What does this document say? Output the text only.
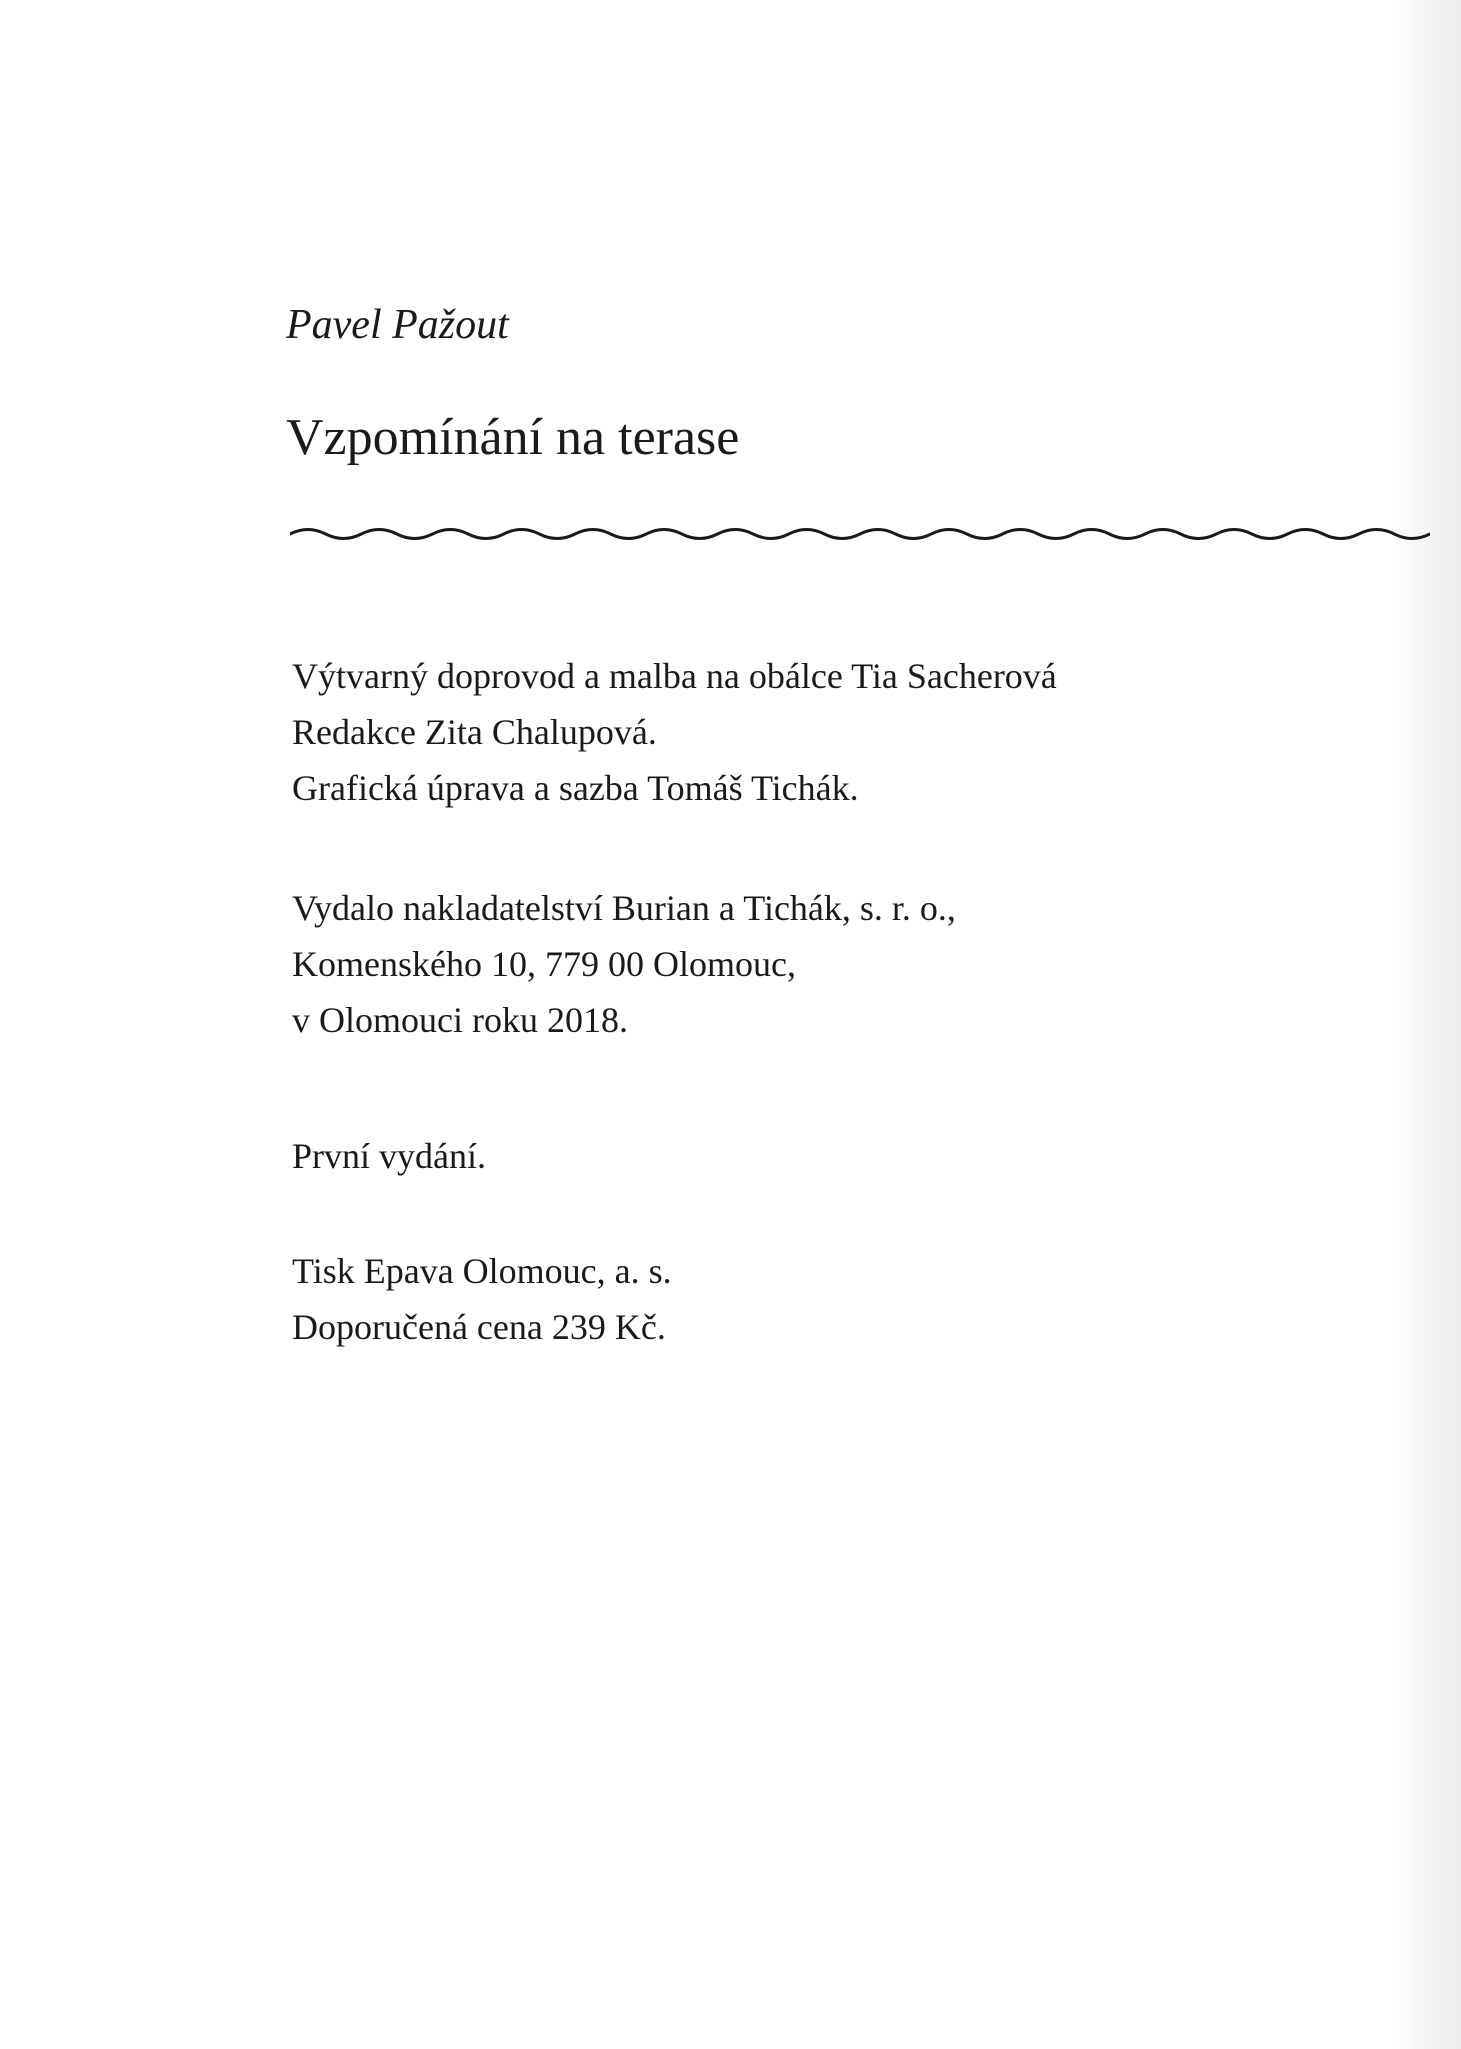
Pavel Pažout
Vzpomínání na terase
Výtvarný doprovod a malba na obálce Tia Sacherová
Redakce Zita Chalupová.
Grafická úprava a sazba Tomáš Tichák.
Vydalo nakladatelství Burian a Tichák, s. r. o.,
Komenského 10, 779 00 Olomouc,
v Olomouci roku 2018.
První vydání.
Tisk Epava Olomouc, a. s.
Doporučená cena 239 Kč.
